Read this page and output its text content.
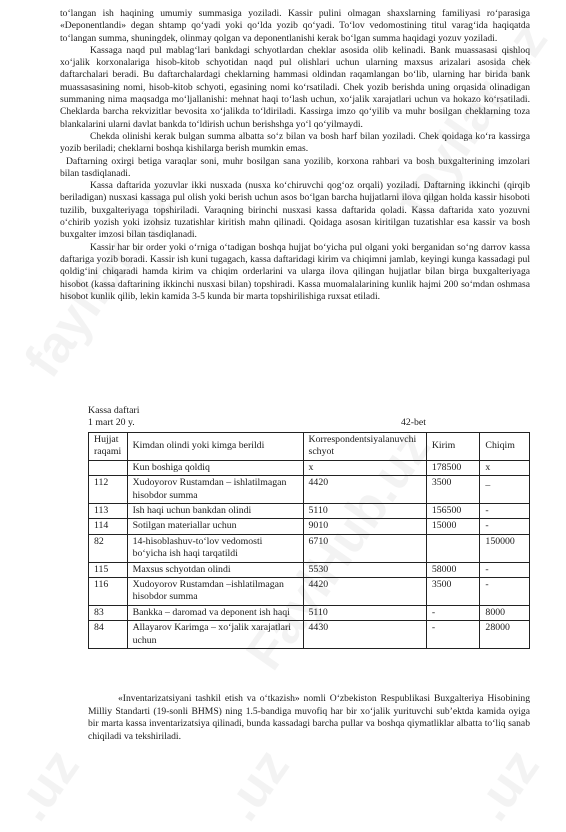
to‘langan ish haqining umumiy summasiga yoziladi. Kassir pulini olmagan shaxslarning familiyasi ro‘parasiga «Deponentlandi» degan shtamp qo‘yadi yoki qo‘lda yozib qo‘yadi. To‘lov vedomostining titul varag‘ida haqiqatda to‘langan summa, shuningdek, olinmay qolgan va deponentlanishi kerak bo‘lgan summa haqidagi yozuv yoziladi.

Kassaga naqd pul mablag‘lari bankdagi schyotlardan cheklar asosida olib kelinadi. Bank muassasasi qishloq xo‘jalik korxonalariga hisob-kitob schyotidan naqd pul olishlari uchun ularning maxsus arizalari asosida chek daftarchalari beradi. Bu daftarchalardagi cheklarning hammasi oldindan raqamlangan bo‘lib, ularning har birida bank muassasasining nomi, hisob-kitob schyoti, egasining nomi ko‘rsatiladi. Chek yozib berishda uning orqasida olinadigan summaning nima maqsadga mo‘ljallanishi: mehnat haqi to‘lash uchun, xo‘jalik xarajatlari uchun va hokazo ko‘rsatiladi. Cheklarda barcha rekvizitlar bevosita xo‘jalikda to‘ldiriladi. Kassirga imzo qo‘yilib va muhr bosilgan cheklarning toza blankalarini ularni davlat bankda to‘ldirish uchun berishshga yo‘l qo‘yilmaydi.

Chekda olinishi kerak bulgan summa albatta so‘z bilan va bosh harf bilan yoziladi. Chek qoidaga ko‘ra kassirga yozib beriladi; cheklarni boshqa kishilarga berish mumkin emas.

Daftarning oxirgi betiga varaqlar soni, muhr bosilgan sana yozilib, korxona rahbari va bosh buxgalterining imzolari bilan tasdiqlanadi.

Kassa daftarida yozuvlar ikki nusxada (nusxa ko‘chiruvchi qog‘oz orqali) yoziladi. Daftarning ikkinchi (qirqib beriladigan) nusxasi kassaga pul olish yoki berish uchun asos bo‘lgan barcha hujjatlarni ilova qilgan holda kassir hisoboti tuzilib, buxgalteriyaga topshiriladi. Varaqning birinchi nusxasi kassa daftarida qoladi. Kassa daftarida xato yozuvni o‘chirib yozish yoki izohsiz tuzatishlar kiritish mahn qilinadi. Qoidaga asosan kiritilgan tuzatishlar esa kassir va bosh buxgalter imzosi bilan tasdiqlanadi.

Kassir har bir order yoki o‘rniga o‘tadigan boshqa hujjat bo‘yicha pul olgani yoki berganidan so‘ng darrov kassa daftariga yozib boradi. Kassir ish kuni tugagach, kassa daftaridagi kirim va chiqimni jamlab, keyingi kunga kassadagi pul qoldig‘ini chiqaradi hamda kirim va chiqim orderlarini va ularga ilova qilingan hujjatlar bilan birga buxgalteriyaga hisobot (kassa daftarining ikkinchi nusxasi bilan) topshiradi. Kassa muomalalarining kunlik hajmi 200 so‘mdan oshmasa hisobot kunlik qilib, lekin kamida 3-5 kunda bir marta topshirilishiga ruxsat etiladi.

Kassa daftari
1 mart 20 y.	42-bet
Hujjat raqami	Kimdan olindi yoki kimga berildi	Korrespondentsiyalanuvchi schyot	Kirim	Chiqim
	Kun boshiga qoldiq	x	178500	x
112	Xudoyorov Rustamdan – ishlatilmagan hisobdor summa	4420	3500	_
113	Ish haqi uchun bankdan olindi	5110	156500	-
114	Sotilgan materiallar uchun	9010	15000	-
82	14-hisoblashuv-to‘lov vedomosti bo‘yicha ish haqi tarqatildi	6710		150000
115	Maxsus schyotdan olindi	5530	58000	-
116	Xudoyorov Rustamdan –ishlatilmagan hisobdor summa	4420	3500	-
83	Bankka – daromad va deponent ish haqi	5110	-	8000
84	Allayarov Karimga – xo‘jalik xarajatlari uchun	4430	-	28000

«Inventarizatsiyani tashkil etish va o‘tkazish» nomli O‘zbekiston Respublikasi Buxgalteriya Hisobining Milliy Standarti (19-sonli BHMS) ning 1.5-bandiga muvofiq har bir xo‘jalik yurituvchi sub’ektda kamida oyiga bir marta kassa inventarizatsiya qilinadi, bunda kassadagi barcha pullar va boshqa qiymatliklar albatta to‘liq sanab chiqiladi va tekshiriladi.
